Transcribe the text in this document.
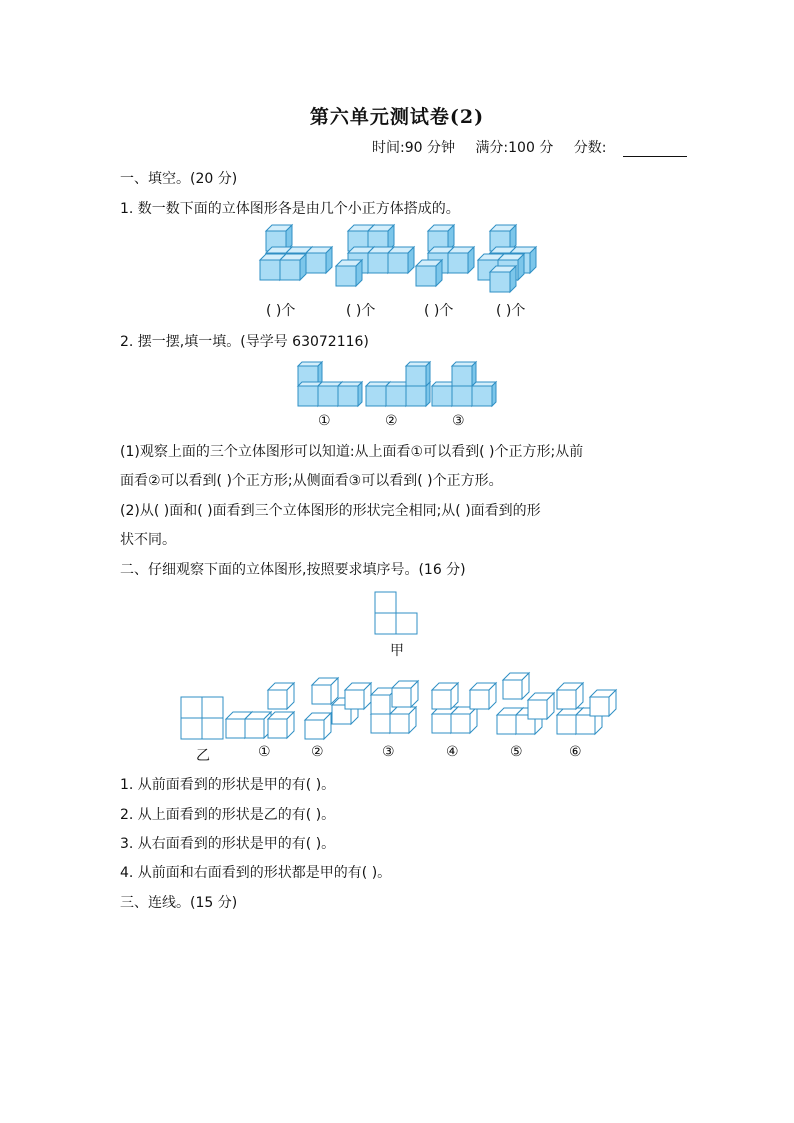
第六单元测试卷(2)
时间:90 分钟 满分:100 分 分数:
一、填空。(20 分)
1. 数一数下面的立体图形各是由几个小正方体搭成的。
( )个	( )个	( )个	( )个
2. 摆一摆,填一填。(导学号 63072116)
①	②	③
(1)观察上面的三个立体图形可以知道:从上面看①可以看到( )个正方形;从前
面看②可以看到( )个正方形;从侧面看③可以看到( )个正方形。
(2)从( )面和( )面看到三个立体图形的形状完全相同;从( )面看到的形
状不同。
二、仔细观察下面的立体图形,按照要求填序号。(16 分)
甲
乙	①	②	③	④	⑤	⑥
1. 从前面看到的形状是甲的有( )。
2. 从上面看到的形状是乙的有( )。
3. 从右面看到的形状是甲的有( )。
4. 从前面和右面看到的形状都是甲的有( )。
三、连线。(15 分)
